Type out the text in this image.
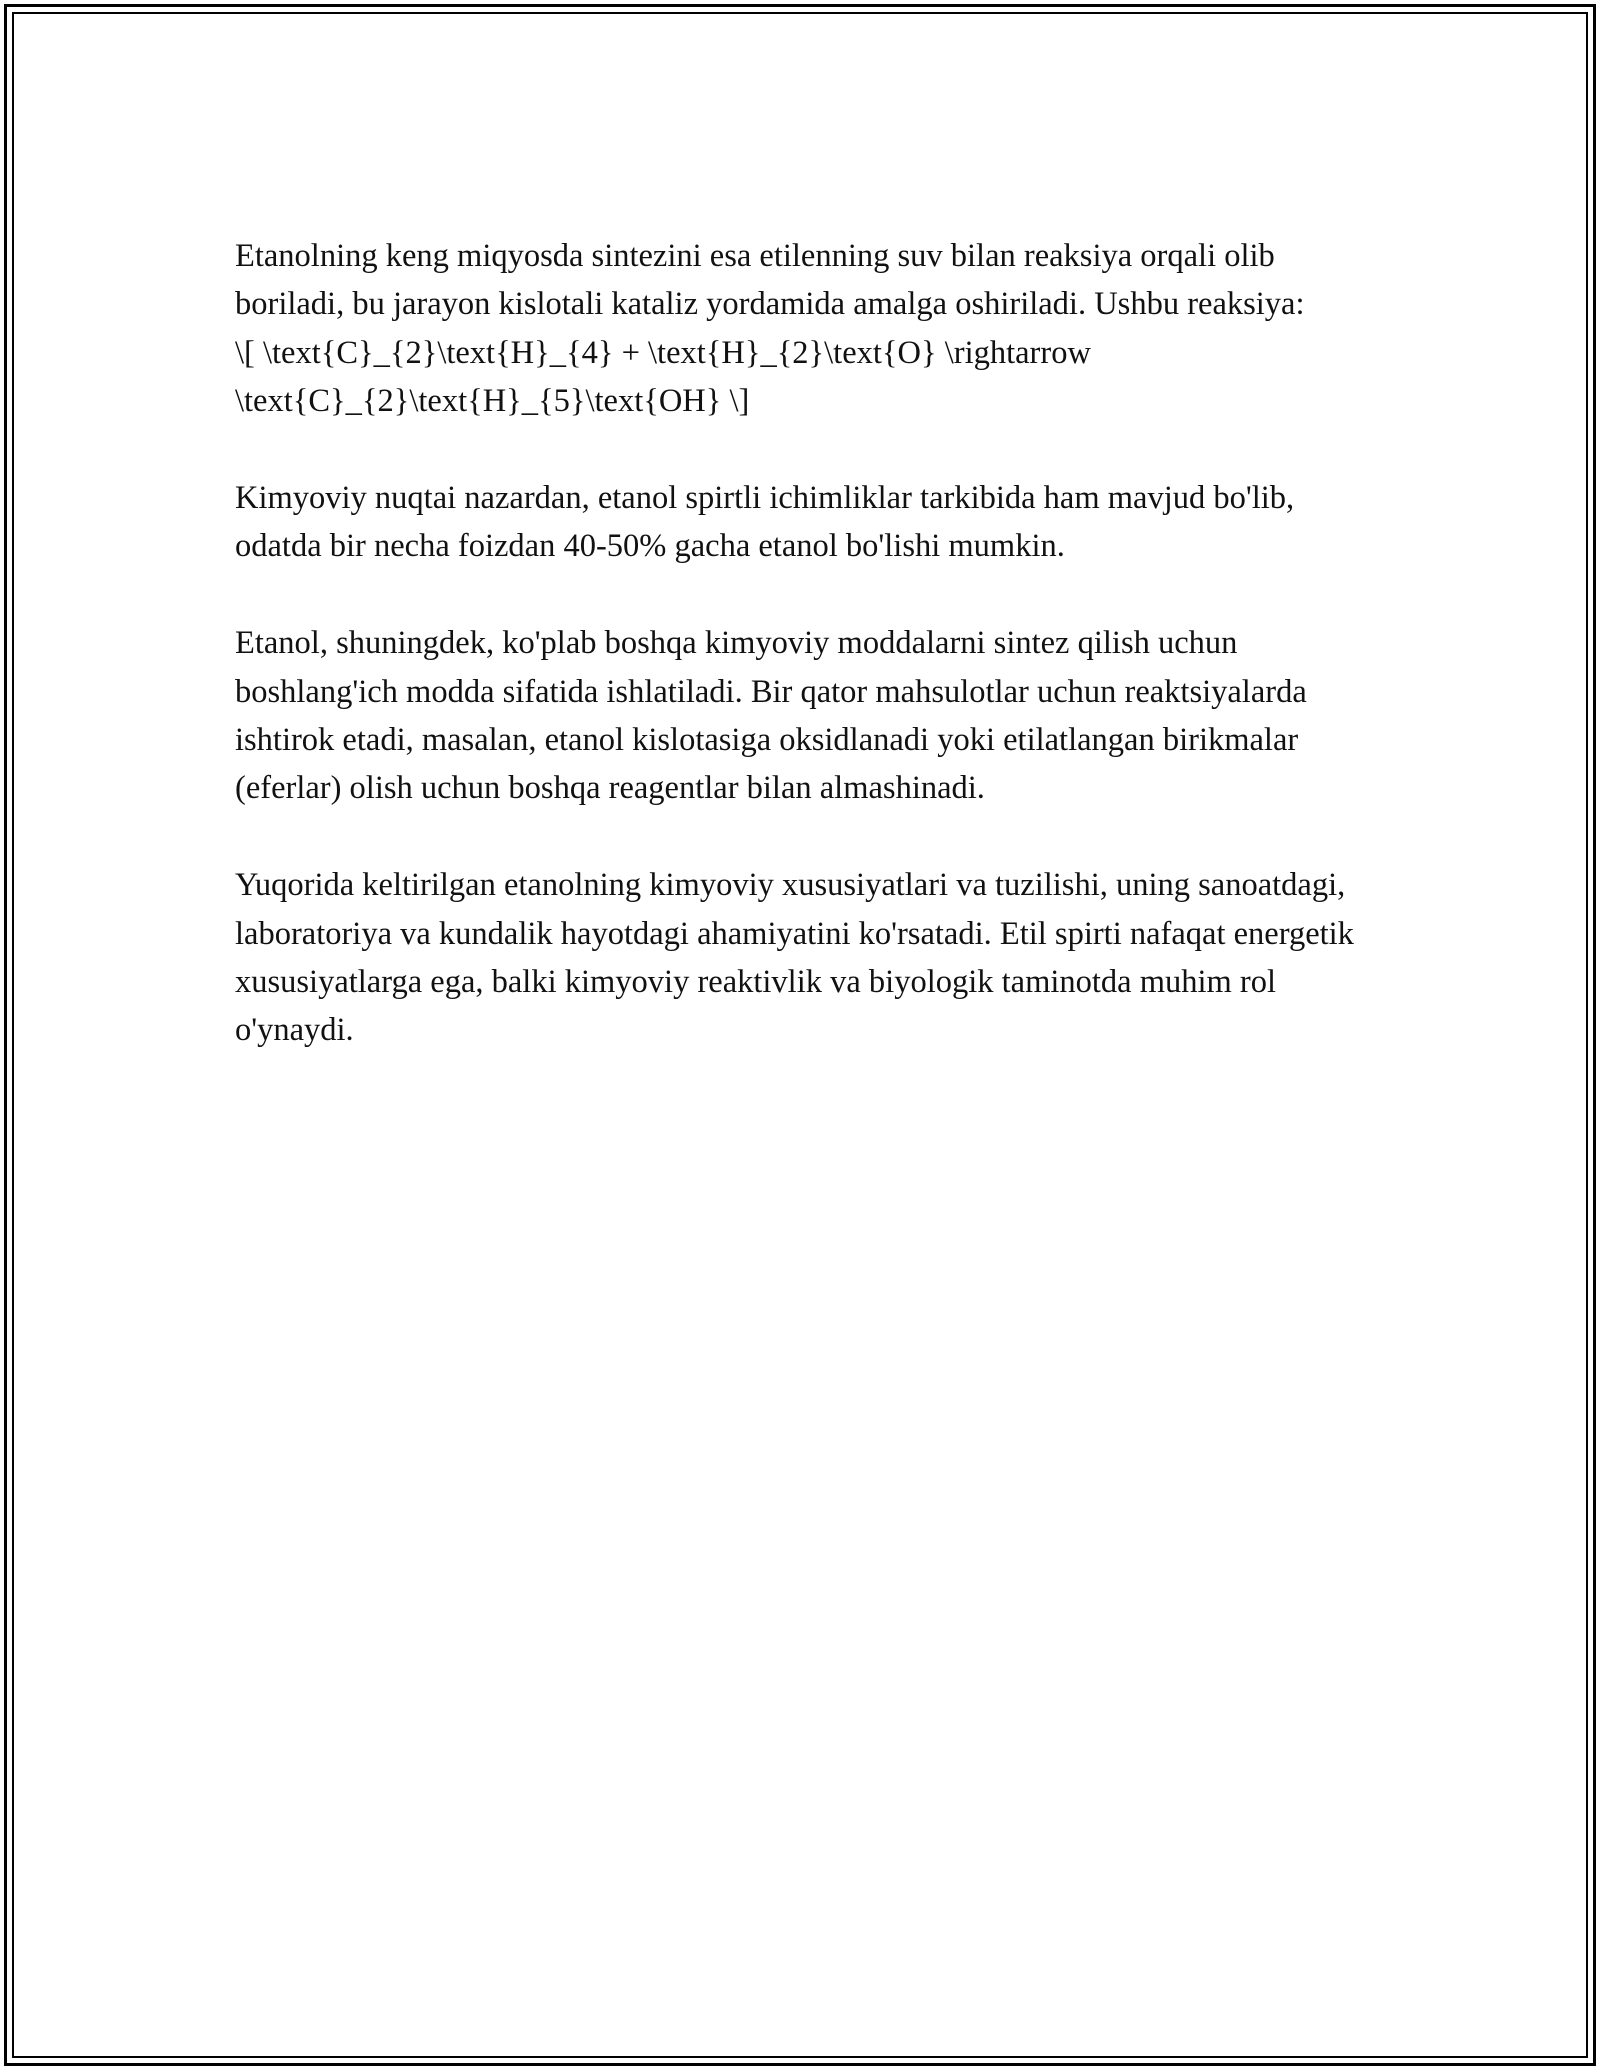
Etanolning keng miqyosda sintezini esa etilenning suv bilan reaksiya orqali olib boriladi, bu jarayon kislotali kataliz yordamida amalga oshiriladi. Ushbu reaksiya:
\[ \text{C}_{2}\text{H}_{4} + \text{H}_{2}\text{O} \rightarrow \text{C}_{2}\text{H}_{5}\text{OH} \]

Kimyoviy nuqtai nazardan, etanol spirtli ichimliklar tarkibida ham mavjud bo'lib, odatda bir necha foizdan 40-50% gacha etanol bo'lishi mumkin.

Etanol, shuningdek, ko'plab boshqa kimyoviy moddalarni sintez qilish uchun boshlang'ich modda sifatida ishlatiladi. Bir qator mahsulotlar uchun reaktsiyalarda ishtirok etadi, masalan, etanol kislotasiga oksidlanadi yoki etilatlangan birikmalar (eferlar) olish uchun boshqa reagentlar bilan almashinadi.

Yuqorida keltirilgan etanolning kimyoviy xususiyatlari va tuzilishi, uning sanoatdagi, laboratoriya va kundalik hayotdagi ahamiyatini ko'rsatadi. Etil spirti nafaqat energetik xususiyatlarga ega, balki kimyoviy reaktivlik va biyologik taminotda muhim rol o'ynaydi.
